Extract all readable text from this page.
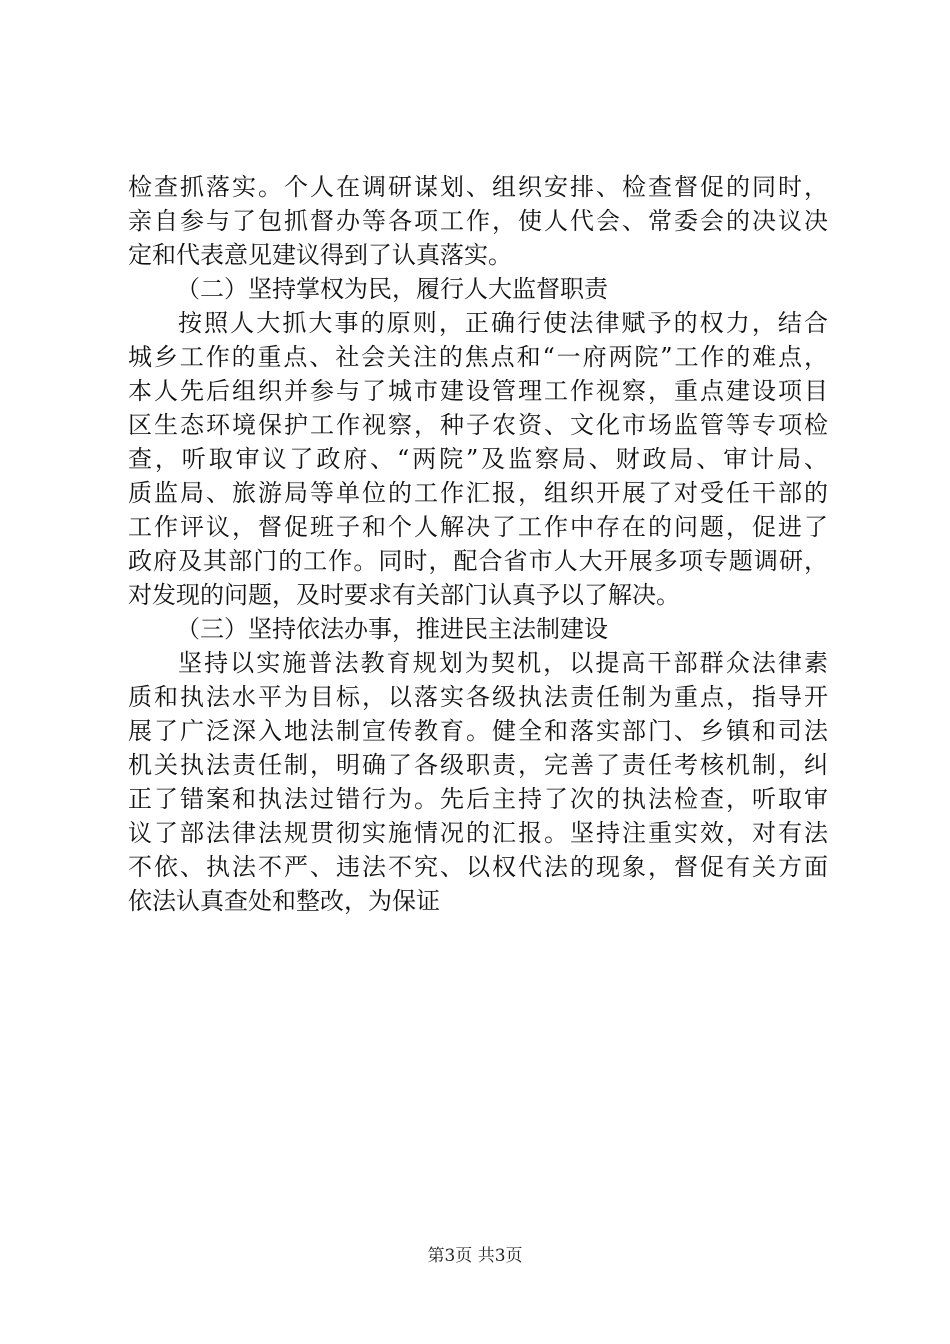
检查抓落实。个人在调研谋划、组织安排、检查督促的同时，
亲自参与了包抓督办等各项工作，使人代会、常委会的决议决
定和代表意见建议得到了认真落实。
（二）坚持掌权为民，履行人大监督职责
按照人大抓大事的原则，正确行使法律赋予的权力，结合
城乡工作的重点、社会关注的焦点和“一府两院”工作的难点，
本人先后组织并参与了城市建设管理工作视察，重点建设项目
区生态环境保护工作视察，种子农资、文化市场监管等专项检
查，听取审议了政府、“两院”及监察局、财政局、审计局、
质监局、旅游局等单位的工作汇报，组织开展了对受任干部的
工作评议，督促班子和个人解决了工作中存在的问题，促进了
政府及其部门的工作。同时，配合省市人大开展多项专题调研，
对发现的问题，及时要求有关部门认真予以了解决。
（三）坚持依法办事，推进民主法制建设
坚持以实施普法教育规划为契机，以提高干部群众法律素
质和执法水平为目标，以落实各级执法责任制为重点，指导开
展了广泛深入地法制宣传教育。健全和落实部门、乡镇和司法
机关执法责任制，明确了各级职责，完善了责任考核机制，纠
正了错案和执法过错行为。先后主持了次的执法检查，听取审
议了部法律法规贯彻实施情况的汇报。坚持注重实效，对有法
不依、执法不严、违法不究、以权代法的现象，督促有关方面
依法认真查处和整改，为保证
第3页 共3页
